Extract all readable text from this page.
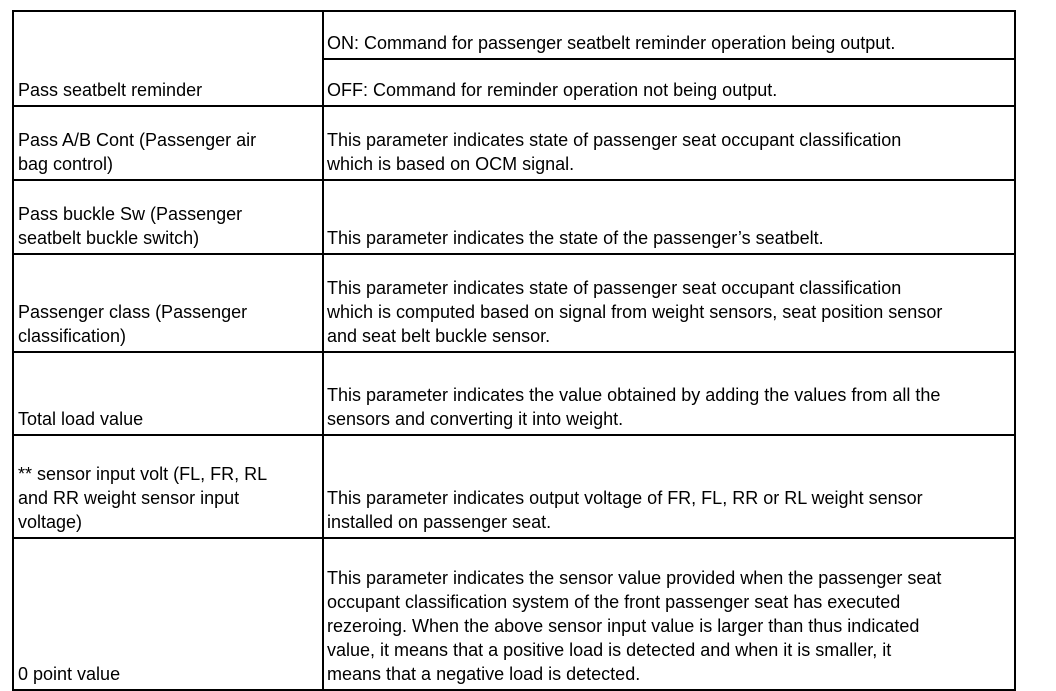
Pass seatbelt reminder	ON: Command for passenger seatbelt reminder operation being output.

	OFF: Command for reminder operation not being output.

Pass A/B Cont (Passenger air
bag control)	This parameter indicates state of passenger seat occupant classification
which is based on OCM signal.

Pass buckle Sw (Passenger
seatbelt buckle switch)	This parameter indicates the state of the passenger’s seatbelt.

Passenger class (Passenger
classification)	This parameter indicates state of passenger seat occupant classification
which is computed based on signal from weight sensors, seat position sensor
and seat belt buckle sensor.

Total load value	This parameter indicates the value obtained by adding the values from all the
sensors and converting it into weight.

** sensor input volt (FL, FR, RL
and RR weight sensor input
voltage)	This parameter indicates output voltage of FR, FL, RR or RL weight sensor
installed on passenger seat.

0 point value	This parameter indicates the sensor value provided when the passenger seat
occupant classification system of the front passenger seat has executed
rezeroing. When the above sensor input value is larger than thus indicated
value, it means that a positive load is detected and when it is smaller, it
means that a negative load is detected.
